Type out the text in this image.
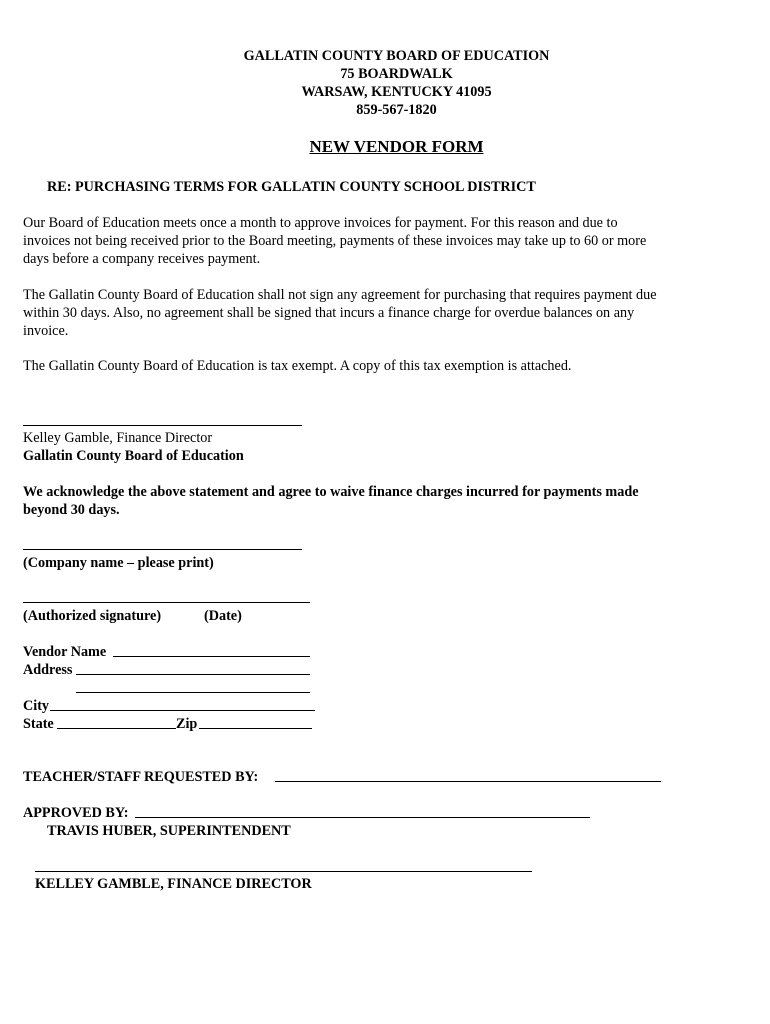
GALLATIN COUNTY BOARD OF EDUCATION
75 BOARDWALK
WARSAW, KENTUCKY 41095
859-567-1820
NEW VENDOR FORM
RE: PURCHASING TERMS FOR GALLATIN COUNTY SCHOOL DISTRICT
Our Board of Education meets once a month to approve invoices for payment. For this reason and due to
invoices not being received prior to the Board meeting, payments of these invoices may take up to 60 or more
days before a company receives payment.
The Gallatin County Board of Education shall not sign any agreement for purchasing that requires payment due
within 30 days. Also, no agreement shall be signed that incurs a finance charge for overdue balances on any
invoice.
The Gallatin County Board of Education is tax exempt. A copy of this tax exemption is attached.
Kelley Gamble, Finance Director
Gallatin County Board of Education
We acknowledge the above statement and agree to waive finance charges incurred for payments made
beyond 30 days.
(Company name – please print)
(Authorized signature)	(Date)
Vendor Name
Address
City
State	Zip
TEACHER/STAFF REQUESTED BY:
APPROVED BY:
TRAVIS HUBER, SUPERINTENDENT
KELLEY GAMBLE, FINANCE DIRECTOR
